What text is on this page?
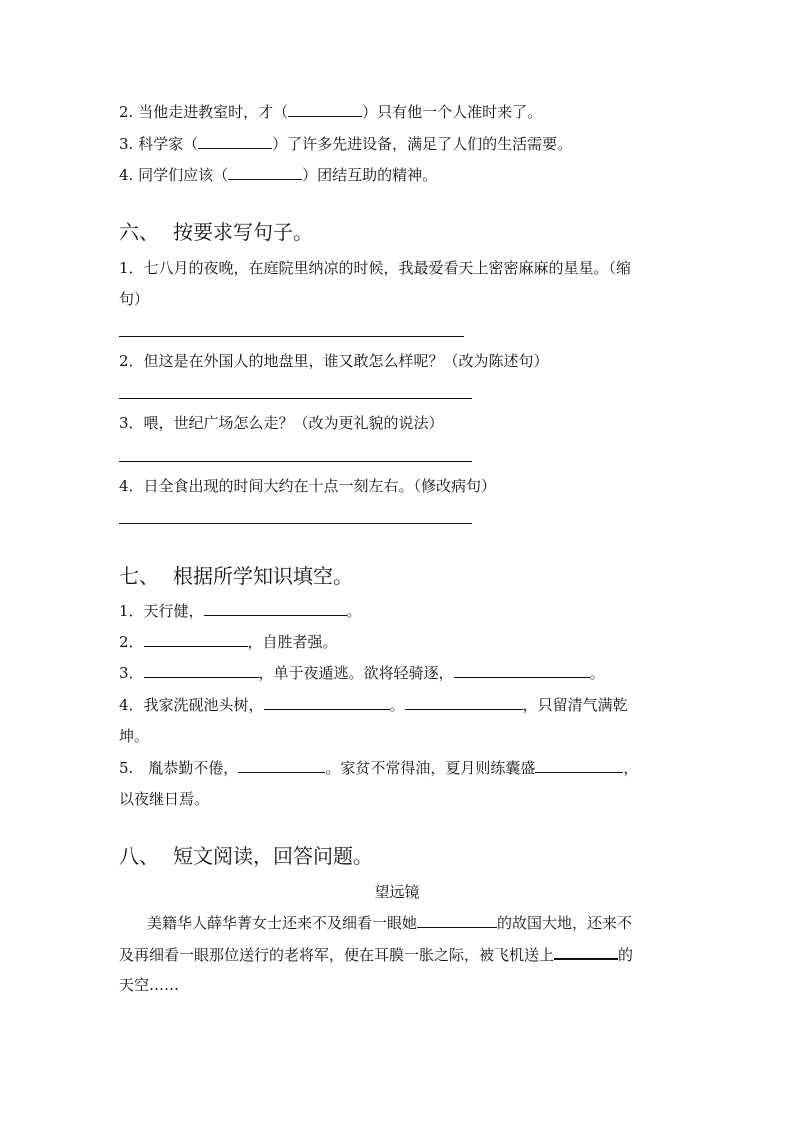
2. 当他走进教室时，才（	）只有他一个人准时来了。
3. 科学家（	）了许多先进设备，满足了人们的生活需要。
4. 同学们应该（	）团结互助的精神。
六、 按要求写句子。
1．七八月的夜晚，在庭院里纳凉的时候，我最爱看天上密密麻麻的星星。（缩
句）
2．但这是在外国人的地盘里，谁又敢怎么样呢？（改为陈述句）
3．喂，世纪广场怎么走？（改为更礼貌的说法）
4．日全食出现的时间大约在十点一刻左右。（修改病句）
七、 根据所学知识填空。
1．天行健，	。
2．	，自胜者强。
3．	，单于夜遁逃。欲将轻骑逐，	。
4．我家洗砚池头树，	。	，只留清气满乾
坤。
5.　胤恭勤不倦，	。家贫不常得油，夏月则练囊盛	，
以夜继日焉。
八、 短文阅读，回答问题。
望远镜
美籍华人薛华菁女士还来不及细看一眼她	的故国大地，还来不
及再细看一眼那位送行的老将军，便在耳膜一胀之际，被飞机送上	的
天空……
